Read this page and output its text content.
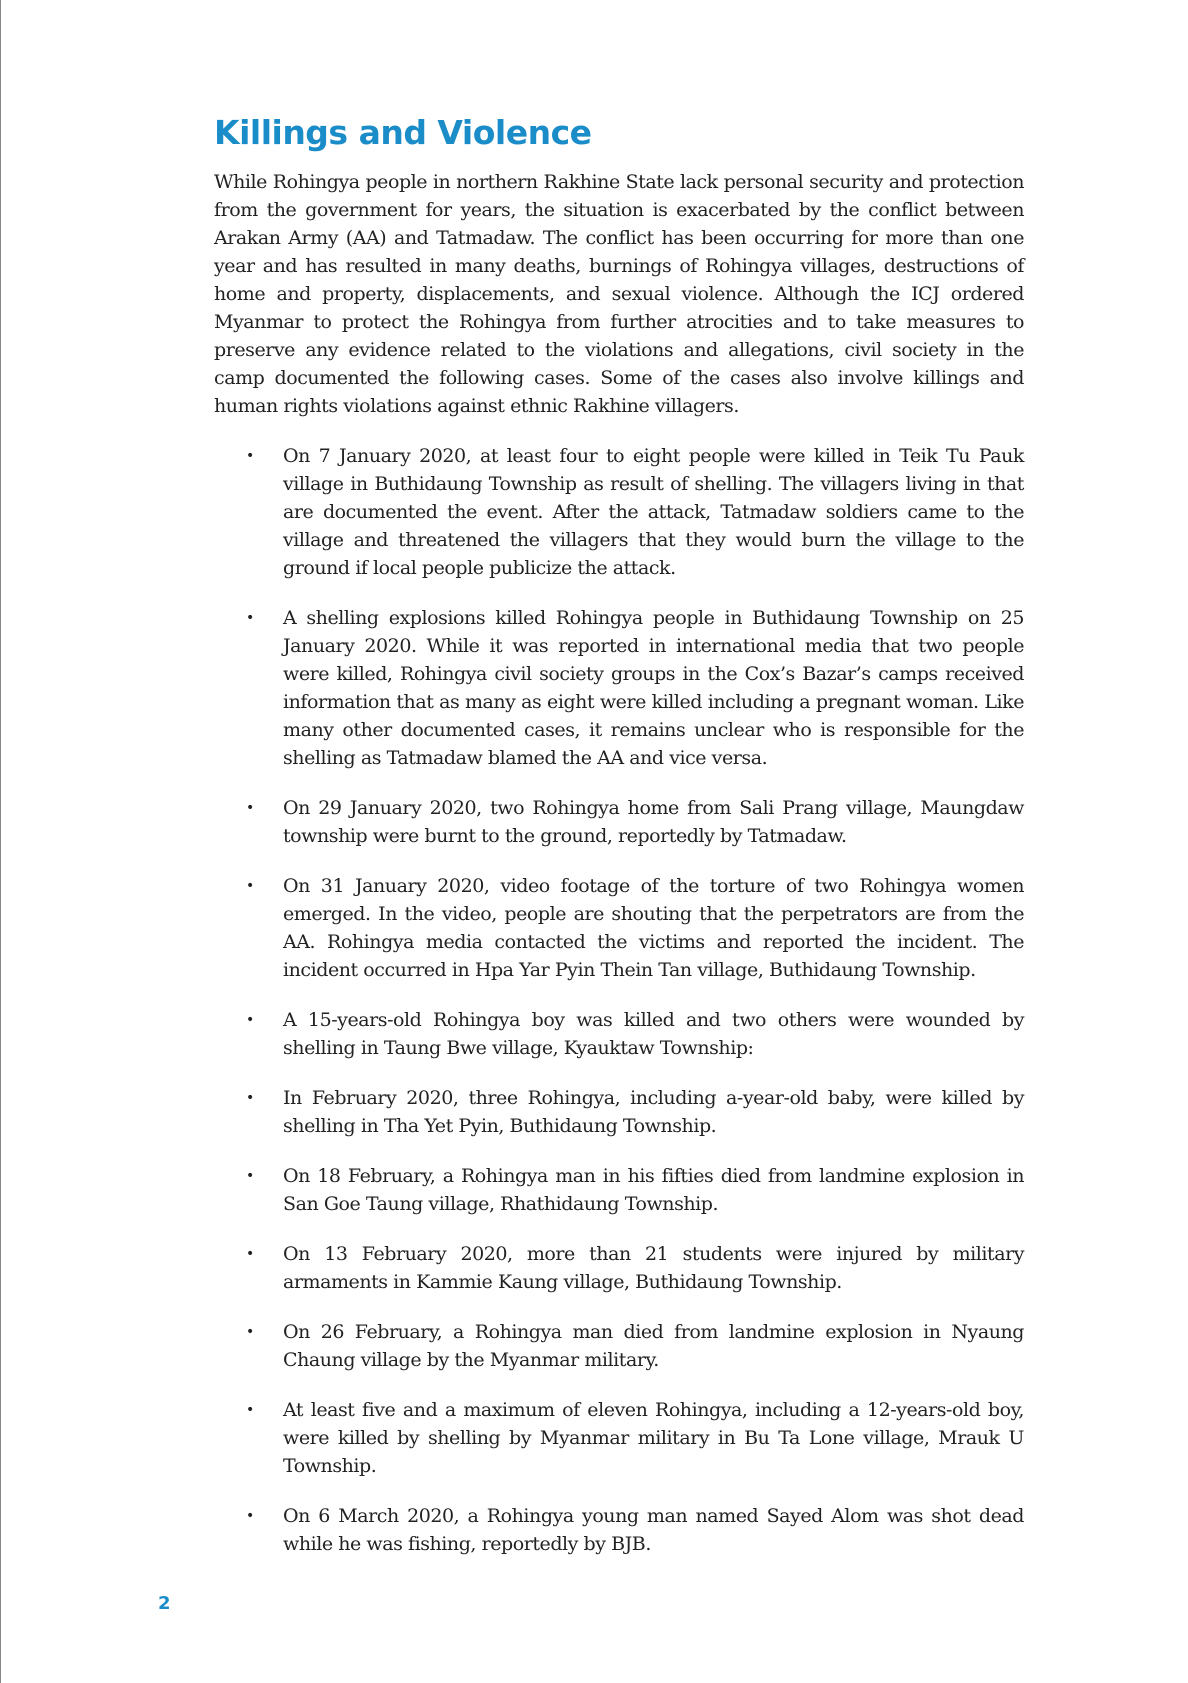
Killings and Violence

While Rohingya people in northern Rakhine State lack personal security and protection from the government for years, the situation is exacerbated by the conflict between Arakan Army (AA) and Tatmadaw. The conflict has been occurring for more than one year and has resulted in many deaths, burnings of Rohingya villages, destructions of home and property, displacements, and sexual violence. Although the ICJ ordered Myanmar to protect the Rohingya from further atrocities and to take measures to preserve any evidence related to the violations and allegations, civil society in the camp documented the following cases. Some of the cases also involve killings and human rights violations against ethnic Rakhine villagers.

• On 7 January 2020, at least four to eight people were killed in Teik Tu Pauk village in Buthidaung Township as result of shelling. The villagers living in that are documented the event. After the attack, Tatmadaw soldiers came to the village and threatened the villagers that they would burn the village to the ground if local people publicize the attack.
• A shelling explosions killed Rohingya people in Buthidaung Township on 25 January 2020. While it was reported in international media that two people were killed, Rohingya civil society groups in the Cox’s Bazar’s camps received information that as many as eight were killed including a pregnant woman. Like many other documented cases, it remains unclear who is responsible for the shelling as Tatmadaw blamed the AA and vice versa.
• On 29 January 2020, two Rohingya home from Sali Prang village, Maungdaw township were burnt to the ground, reportedly by Tatmadaw.
• On 31 January 2020, video footage of the torture of two Rohingya women emerged. In the video, people are shouting that the perpetrators are from the AA. Rohingya media contacted the victims and reported the incident. The incident occurred in Hpa Yar Pyin Thein Tan village, Buthidaung Township.
• A 15-years-old Rohingya boy was killed and two others were wounded by shelling in Taung Bwe village, Kyauktaw Township:
• In February 2020, three Rohingya, including a-year-old baby, were killed by shelling in Tha Yet Pyin, Buthidaung Township.
• On 18 February, a Rohingya man in his fifties died from landmine explosion in San Goe Taung village, Rhathidaung Township.
• On 13 February 2020, more than 21 students were injured by military armaments in Kammie Kaung village, Buthidaung Township.
• On 26 February, a Rohingya man died from landmine explosion in Nyaung Chaung village by the Myanmar military.
• At least five and a maximum of eleven Rohingya, including a 12-years-old boy, were killed by shelling by Myanmar military in Bu Ta Lone village, Mrauk U Township.
• On 6 March 2020, a Rohingya young man named Sayed Alom was shot dead while he was fishing, reportedly by BJB.
2
